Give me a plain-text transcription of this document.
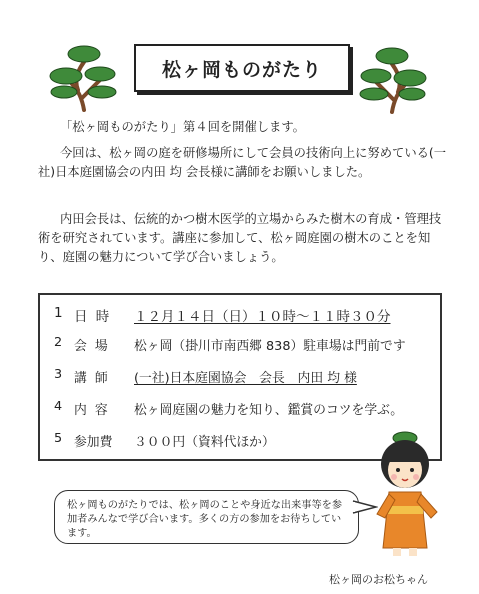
松ヶ岡ものがたり

「松ヶ岡ものがたり」第４回を開催します。

今回は、松ヶ岡の庭を研修場所にして会員の技術向上に努めている(一社)日本庭園協会の内田 均 会長様に講師をお願いしました。

内田会長は、伝統的かつ樹木医学的立場からみた樹木の育成・管理技術を研究されています。講座に参加して、松ヶ岡庭園の樹木のことを知り、庭園の魅力について学び合いましょう。

1 日 時	１２月１４日（日）１０時～１１時３０分
2 会 場	松ヶ岡（掛川市南西郷 838）駐車場は門前です
3 講 師	(一社)日本庭園協会　会長　内田 均 様
4 内 容	松ヶ岡庭園の魅力を知り、鑑賞のコツを学ぶ。
5 参加費	３００円（資料代ほか）
松ヶ岡ものがたりでは、松ヶ岡のことや身近な出来事等を参加者みんなで学び合います。多くの方の参加をお待ちしています。
松ヶ岡のお松ちゃん
